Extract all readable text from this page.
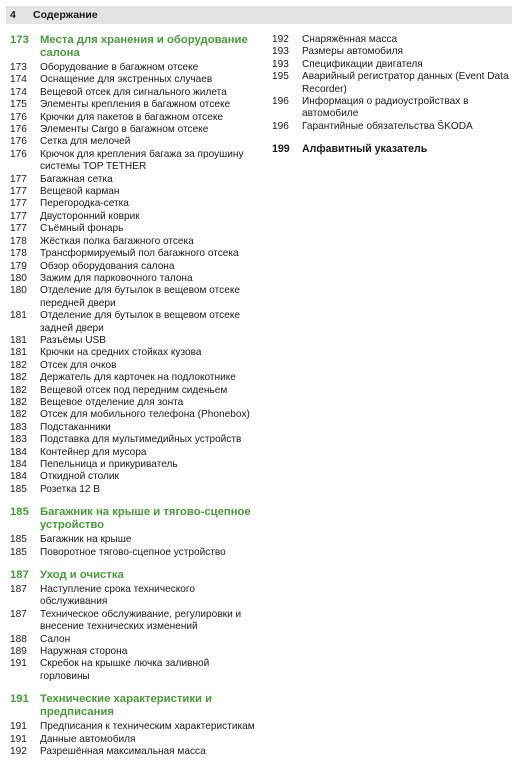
4	Содержание
173 Места для хранения и оборудование салона
173	Оборудование в багажном отсеке
174	Оснащение для экстренных случаев
174	Вещевой отсек для сигнального жилета
175	Элементы крепления в багажном отсеке
176	Крючки для пакетов в багажном отсеке
176	Элементы Cargo в багажном отсеке
176	Сетка для мелочей
176	Крючок для крепления багажа за проушину системы TOP TETHER
177	Багажная сетка
177	Вещевой карман
177	Перегородка-сетка
177	Двусторонний коврик
177	Съёмный фонарь
178	Жёсткая полка багажного отсека
178	Трансформируемый пол багажного отсека
179	Обзор оборудования салона
180	Зажим для парковочного талона
180	Отделение для бутылок в вещевом отсеке передней двери
181	Отделение для бутылок в вещевом отсеке задней двери
181	Разъёмы USB
181	Крючки на средних стойках кузова
182	Отсек для очков
182	Держатель для карточек на подлокотнике
182	Вещевой отсек под передним сиденьем
182	Вещевое отделение для зонта
182	Отсек для мобильного телефона (Phonebox)
183	Подстаканники
183	Подставка для мультимедийных устройств
184	Контейнер для мусора
184	Пепельница и прикуриватель
184	Откидной столик
185	Розетка 12 В
185 Багажник на крыше и тягово-сцепное устройство
185	Багажник на крыше
185	Поворотное тягово-сцепное устройство
187 Уход и очистка
187	Наступление срока технического обслуживания
187	Техническое обслуживание, регулировки и внесение технических изменений
188	Салон
189	Наружная сторона
191	Скребок на крышке лючка заливной горловины
191 Технические характеристики и предписания
191	Предписания к техническим характеристикам
191	Данные автомобиля
192	Разрешённая максимальная масса
192	Снаряжённая масса
193	Размеры автомобиля
193	Спецификации двигателя
195	Аварийный регистратор данных (Event Data Recorder)
196	Информация о радиоустройствах в автомобиле
196	Гарантийные обязательства ŠKODA
199	Алфавитный указатель
